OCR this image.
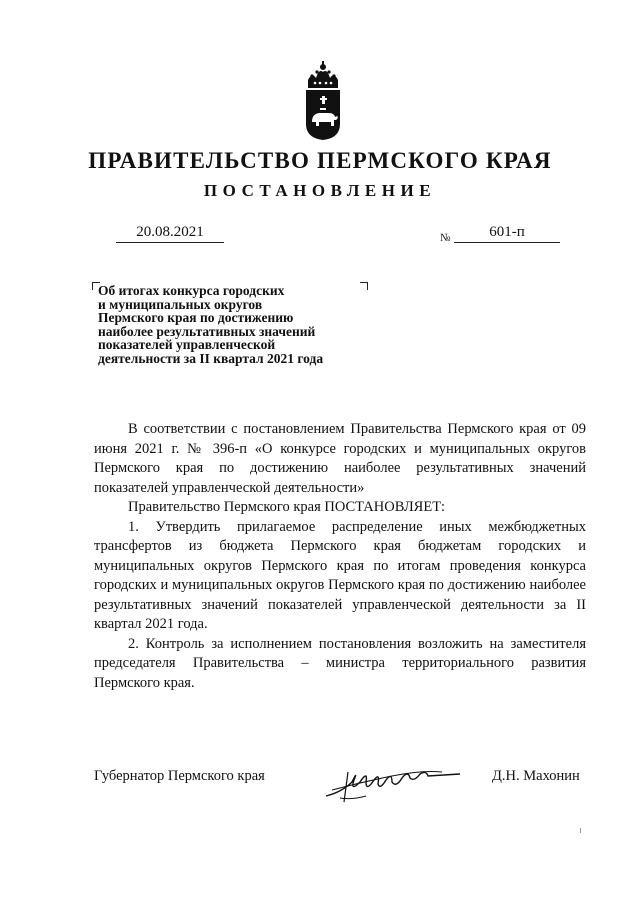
ПРАВИТЕЛЬСТВО ПЕРМСКОГО КРАЯ
ПОСТАНОВЛЕНИЕ
20.08.2021	№	601-п
Об итогах конкурса городских
и муниципальных округов
Пермского края по достижению
наиболее результативных значений
показателей управленческой
деятельности за II квартал 2021 года

В соответствии с постановлением Правительства Пермского края от 09 июня 2021 г. № 396-п «О конкурсе городских и муниципальных округов Пермского края по достижению наиболее результативных значений показателей управленческой деятельности»

Правительство Пермского края ПОСТАНОВЛЯЕТ:

1. Утвердить прилагаемое распределение иных межбюджетных трансфертов из бюджета Пермского края бюджетам городских и муниципальных округов Пермского края по итогам проведения конкурса городских и муниципальных округов Пермского края по достижению наиболее результативных значений показателей управленческой деятельности за II квартал 2021 года.

2. Контроль за исполнением постановления возложить на заместителя председателя Правительства – министра территориального развития Пермского края.

Губернатор Пермского края	Д.Н. Махонин
